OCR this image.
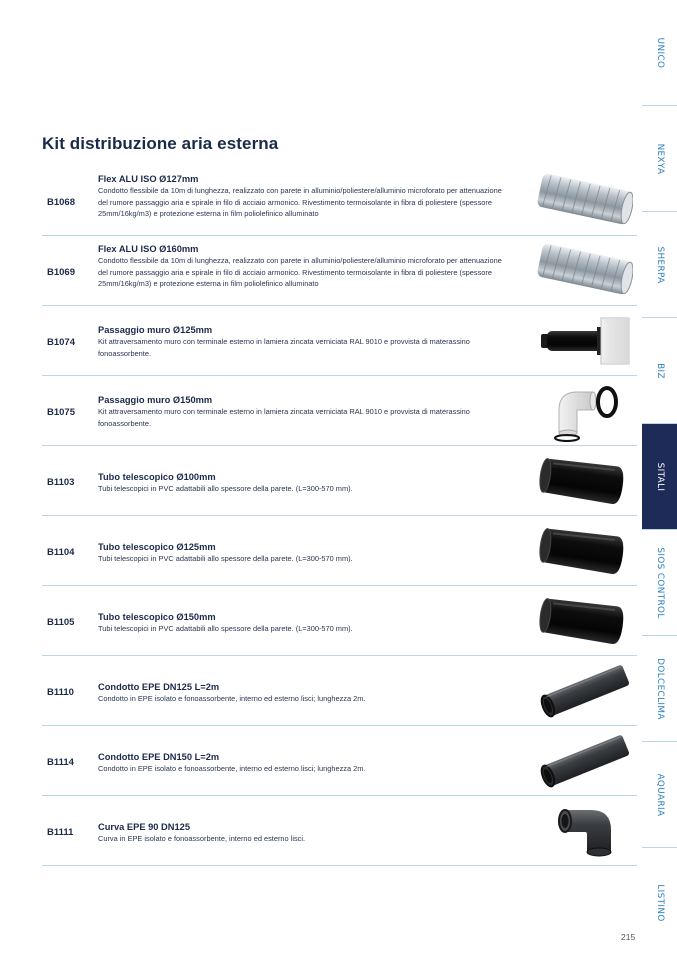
Kit distribuzione aria esterna
B1068
Flex ALU ISO Ø127mm
Condotto flessibile da 10m di lunghezza, realizzato con parete in alluminio/poliestere/alluminio microforato per attenuazione del rumore passaggio aria e spirale in filo di acciaio armonico. Rivestimento termoisolante in fibra di poliestere (spessore 25mm/16kg/m3) e protezione esterna in film poliolefinico alluminato
B1069
Flex ALU ISO Ø160mm
Condotto flessibile da 10m di lunghezza, realizzato con parete in alluminio/poliestere/alluminio microforato per attenuazione del rumore passaggio aria e spirale in filo di acciaio armonico. Rivestimento termoisolante in fibra di poliestere (spessore 25mm/16kg/m3) e protezione esterna in film poliolefinico alluminato
B1074
Passaggio muro Ø125mm
Kit attraversamento muro con terminale esterno in lamiera zincata verniciata RAL 9010 e provvista di materassino fonoassorbente.
B1075
Passaggio muro Ø150mm
Kit attraversamento muro con terminale esterno in lamiera zincata verniciata RAL 9010 e provvista di materassino fonoassorbente.
B1103	Tubo telescopico Ø100mm
Tubi telescopici in PVC adattabili allo spessore della parete. (L=300-570 mm).
B1104	Tubo telescopico Ø125mm
Tubi telescopici in PVC adattabili allo spessore della parete. (L=300-570 mm).
B1105	Tubo telescopico Ø150mm
Tubi telescopici in PVC adattabili allo spessore della parete. (L=300-570 mm).
B1110	Condotto EPE DN125 L=2m
Condotto in EPE isolato e fonoassorbente, interno ed esterno lisci; lunghezza 2m.
B1114	Condotto EPE DN150 L=2m
Condotto in EPE isolato e fonoassorbente, interno ed esterno lisci; lunghezza 2m.
B1111	Curva EPE 90 DN125
Curva in EPE isolato e fonoassorbente, interno ed esterno lisci.
UNICO
NEXYA
SHERPA
BIZ
SITALI
SIOS CONTROL
DOLCECLIMA
AQUARIA
LISTINO
215
